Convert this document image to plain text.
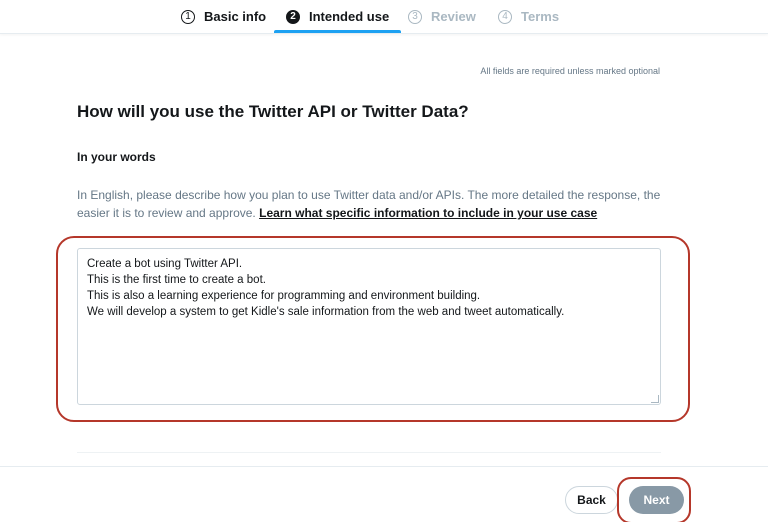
1	Basic info	2	Intended use	3	Review	4	Terms
All fields are required unless marked optional
How will you use the Twitter API or Twitter Data?
In your words
In English, please describe how you plan to use Twitter data and/or APIs. The more detailed the response, the easier it is to review and approve. Learn what specific information to include in your use case
Create a bot using Twitter API.
This is the first time to create a bot.
This is also a learning experience for programming and environment building.
We will develop a system to get Kidle's sale information from the web and tweet automatically.
Back	Next
